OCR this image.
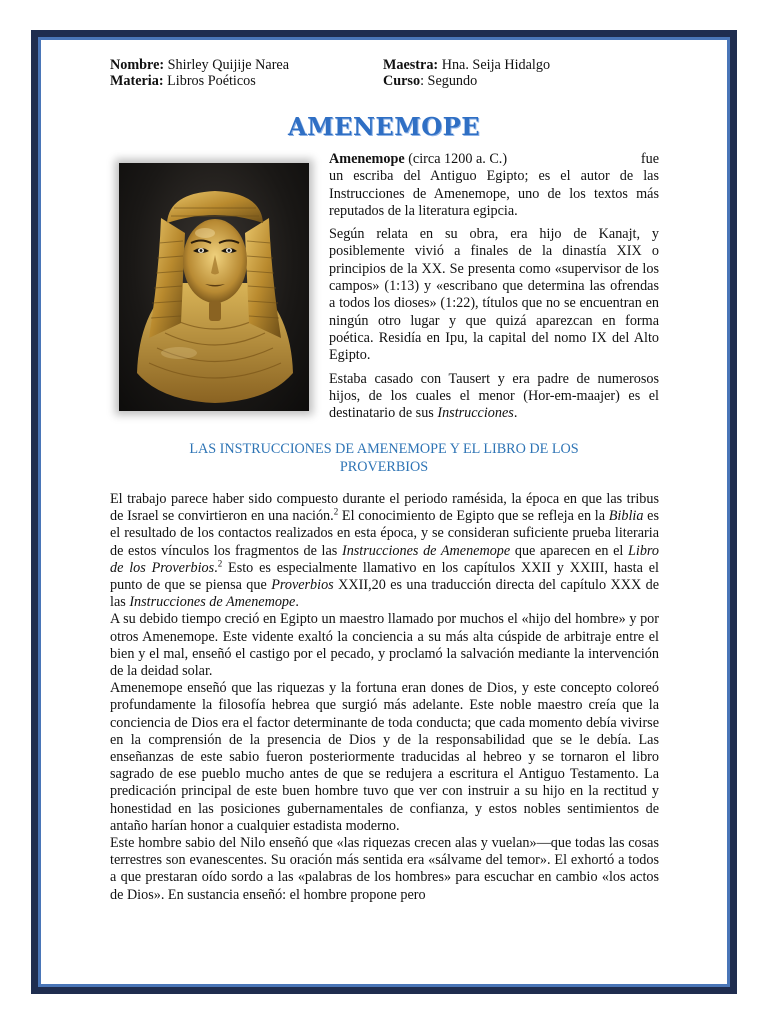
Nombre: Shirley Quijije Narea
Materia: Libros Poéticos
Maestra: Hna. Seija Hidalgo
Curso: Segundo
AMENEMOPE

Amenemope (circa 1200 a. C.)	fue
un escriba del Antiguo Egipto; es el autor de las Instrucciones de Amenemope, uno de los textos más reputados de la literatura egipcia.

Según relata en su obra, era hijo de Kanajt, y posiblemente vivió a finales de la dinastía XIX o principios de la XX. Se presenta como «supervisor de los campos» (1:13) y «escribano que determina las ofrendas a todos los dioses» (1:22), títulos que no se encuentran en ningún otro lugar y que quizá aparezcan en forma poética. Residía en Ipu, la capital del nomo IX del Alto Egipto.

Estaba casado con Tausert y era padre de numerosos hijos, de los cuales el menor (Hor-em-maajer) es el destinatario de sus Instrucciones.

LAS INSTRUCCIONES DE AMENEMOPE Y EL LIBRO DE LOS
PROVERBIOS

El trabajo parece haber sido compuesto durante el periodo ramésida, la época en que las tribus de Israel se convirtieron en una nación.$^2$ El conocimiento de Egipto que se refleja en la Biblia es el resultado de los contactos realizados en esta época, y se consideran suficiente prueba literaria de estos vínculos los fragmentos de las Instrucciones de Amenemope que aparecen en el Libro de los Proverbios.$^2$ Esto es especialmente llamativo en los capítulos XXII y XXIII, hasta el punto de que se piensa que Proverbios XXII,20 es una traducción directa del capítulo XXX de las Instrucciones de Amenemope.

A su debido tiempo creció en Egipto un maestro llamado por muchos el «hijo del hombre» y por otros Amenemope. Este vidente exaltó la conciencia a su más alta cúspide de arbitraje entre el bien y el mal, enseñó el castigo por el pecado, y proclamó la salvación mediante la intervención de la deidad solar.

Amenemope enseñó que las riquezas y la fortuna eran dones de Dios, y este concepto coloreó profundamente la filosofía hebrea que surgió más adelante. Este noble maestro creía que la conciencia de Dios era el factor determinante de toda conducta; que cada momento debía vivirse en la comprensión de la presencia de Dios y de la responsabilidad que se le debía. Las enseñanzas de este sabio fueron posteriormente traducidas al hebreo y se tornaron el libro sagrado de ese pueblo mucho antes de que se redujera a escritura el Antiguo Testamento. La predicación principal de este buen hombre tuvo que ver con instruir a su hijo en la rectitud y honestidad en las posiciones gubernamentales de confianza, y estos nobles sentimientos de antaño harían honor a cualquier estadista moderno.

Este hombre sabio del Nilo enseñó que «las riquezas crecen alas y vuelan»—que todas las cosas terrestres son evanescentes. Su oración más sentida era «sálvame del temor». El exhortó a todos a que prestaran oído sordo a las «palabras de los hombres» para escuchar en cambio «los actos de Dios». En sustancia enseñó: el hombre propone pero
